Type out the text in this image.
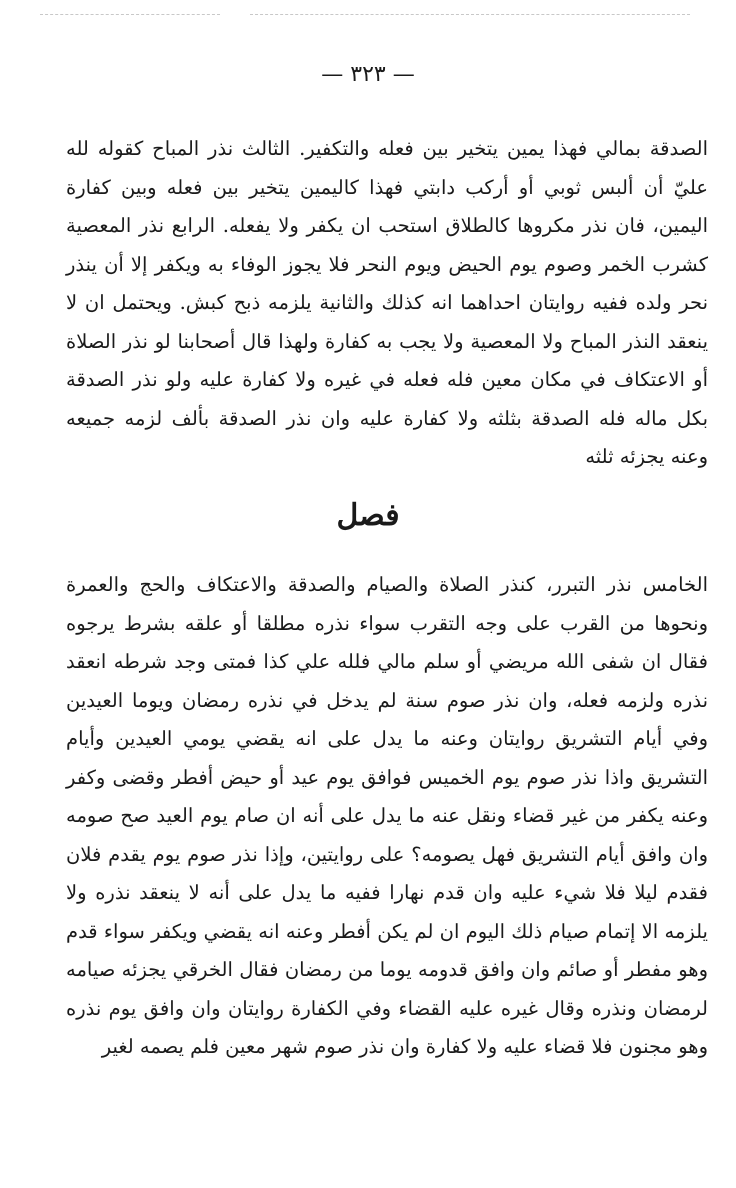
— ٣٢٣ —

الصدقة بمالي فهذا يمين يتخير بين فعله والتكفير. الثالث نذر المباح كقوله لله عليّ أن ألبس ثوبي أو أركب دابتي فهذا كاليمين يتخير بين فعله وبين كفارة اليمين، فان نذر مكروها كالطلاق استحب ان يكفر ولا يفعله. الرابع نذر المعصية كشرب الخمر وصوم يوم الحيض ويوم النحر فلا يجوز الوفاء به ويكفر إلا أن ينذر نحر ولده ففيه روايتان احداهما انه كذلك والثانية يلزمه ذبح كبش. ويحتمل ان لا ينعقد النذر المباح ولا المعصية ولا يجب به كفارة ولهذا قال أصحابنا لو نذر الصلاة أو الاعتكاف في مكان معين فله فعله في غيره ولا كفارة عليه ولو نذر الصدقة بكل ماله فله الصدقة بثلثه ولا كفارة عليه وان نذر الصدقة بألف لزمه جميعه وعنه يجزئه ثلثه

فصل

الخامس نذر التبرر، كنذر الصلاة والصيام والصدقة والاعتكاف والحج والعمرة ونحوها من القرب على وجه التقرب سواء نذره مطلقا أو علقه بشرط يرجوه فقال ان شفى الله مريضي أو سلم مالي فلله علي كذا فمتى وجد شرطه انعقد نذره ولزمه فعله، وان نذر صوم سنة لم يدخل في نذره رمضان ويوما العيدين وفي أيام التشريق روايتان وعنه ما يدل على انه يقضي يومي العيدين وأيام التشريق واذا نذر صوم يوم الخميس فوافق يوم عيد أو حيض أفطر وقضى وكفر وعنه يكفر من غير قضاء ونقل عنه ما يدل على أنه ان صام يوم العيد صح صومه وان وافق أيام التشريق فهل يصومه؟ على روايتين، وإذا نذر صوم يوم يقدم فلان فقدم ليلا فلا شيء عليه وان قدم نهارا ففيه ما يدل على أنه لا ينعقد نذره ولا يلزمه الا إتمام صيام ذلك اليوم ان لم يكن أفطر وعنه انه يقضي ويكفر سواء قدم وهو مفطر أو صائم وان وافق قدومه يوما من رمضان فقال الخرقي يجزئه صيامه لرمضان ونذره وقال غيره عليه القضاء وفي الكفارة روايتان وان وافق يوم نذره وهو مجنون فلا قضاء عليه ولا كفارة وان نذر صوم شهر معين فلم يصمه لغير
